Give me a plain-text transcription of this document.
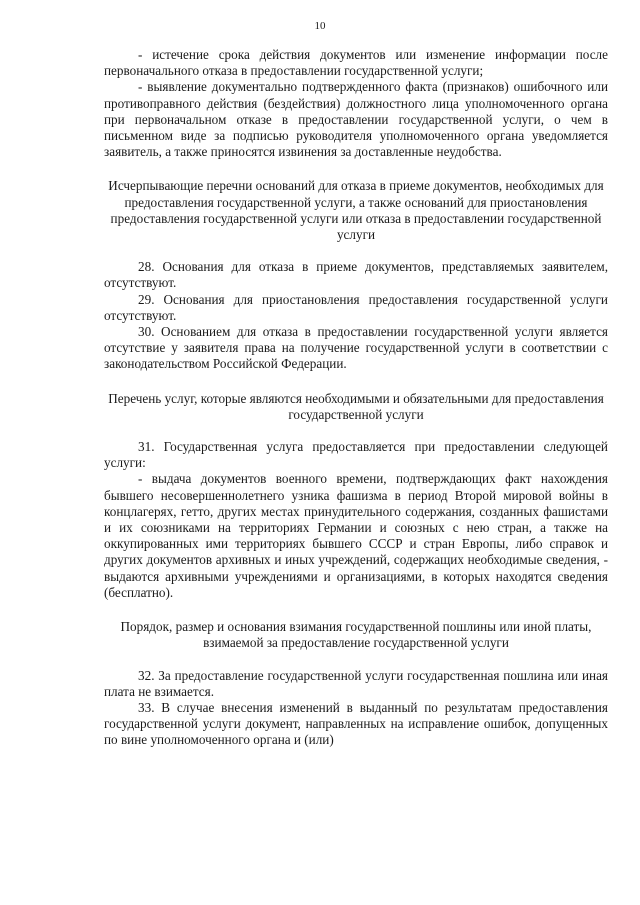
10

- истечение срока действия документов или изменение информации после первоначального отказа в предоставлении государственной услуги;

- выявление документально подтвержденного факта (признаков) ошибочного или противоправного действия (бездействия) должностного лица уполномоченного органа при первоначальном отказе в предоставлении государственной услуги, о чем в письменном виде за подписью руководителя уполномоченного органа уведомляется заявитель, а также приносятся извинения за доставленные неудобства.

Исчерпывающие перечни оснований для отказа в приеме документов, необходимых для предоставления государственной услуги, а также оснований для приостановления предоставления государственной услуги или отказа в предоставлении государственной услуги

28. Основания для отказа в приеме документов, представляемых заявителем, отсутствуют.

29. Основания для приостановления предоставления государственной услуги отсутствуют.

30. Основанием для отказа в предоставлении государственной услуги является отсутствие у заявителя права на получение государственной услуги в соответствии с законодательством Российской Федерации.

Перечень услуг, которые являются необходимыми и обязательными для предоставления государственной услуги

31. Государственная услуга предоставляется при предоставлении следующей услуги:

- выдача документов военного времени, подтверждающих факт нахождения бывшего несовершеннолетнего узника фашизма в период Второй мировой войны в концлагерях, гетто, других местах принудительного содержания, созданных фашистами и их союзниками на территориях Германии и союзных с нею стран, а также на оккупированных ими территориях бывшего СССР и стран Европы, либо справок и других документов архивных и иных учреждений, содержащих необходимые сведения, - выдаются архивными учреждениями и организациями, в которых находятся сведения (бесплатно).

Порядок, размер и основания взимания государственной пошлины или иной платы, взимаемой за предоставление государственной услуги

32. За предоставление государственной услуги государственная пошлина или иная плата не взимается.

33. В случае внесения изменений в выданный по результатам предоставления государственной услуги документ, направленных на исправление ошибок, допущенных по вине уполномоченного органа и (или)
